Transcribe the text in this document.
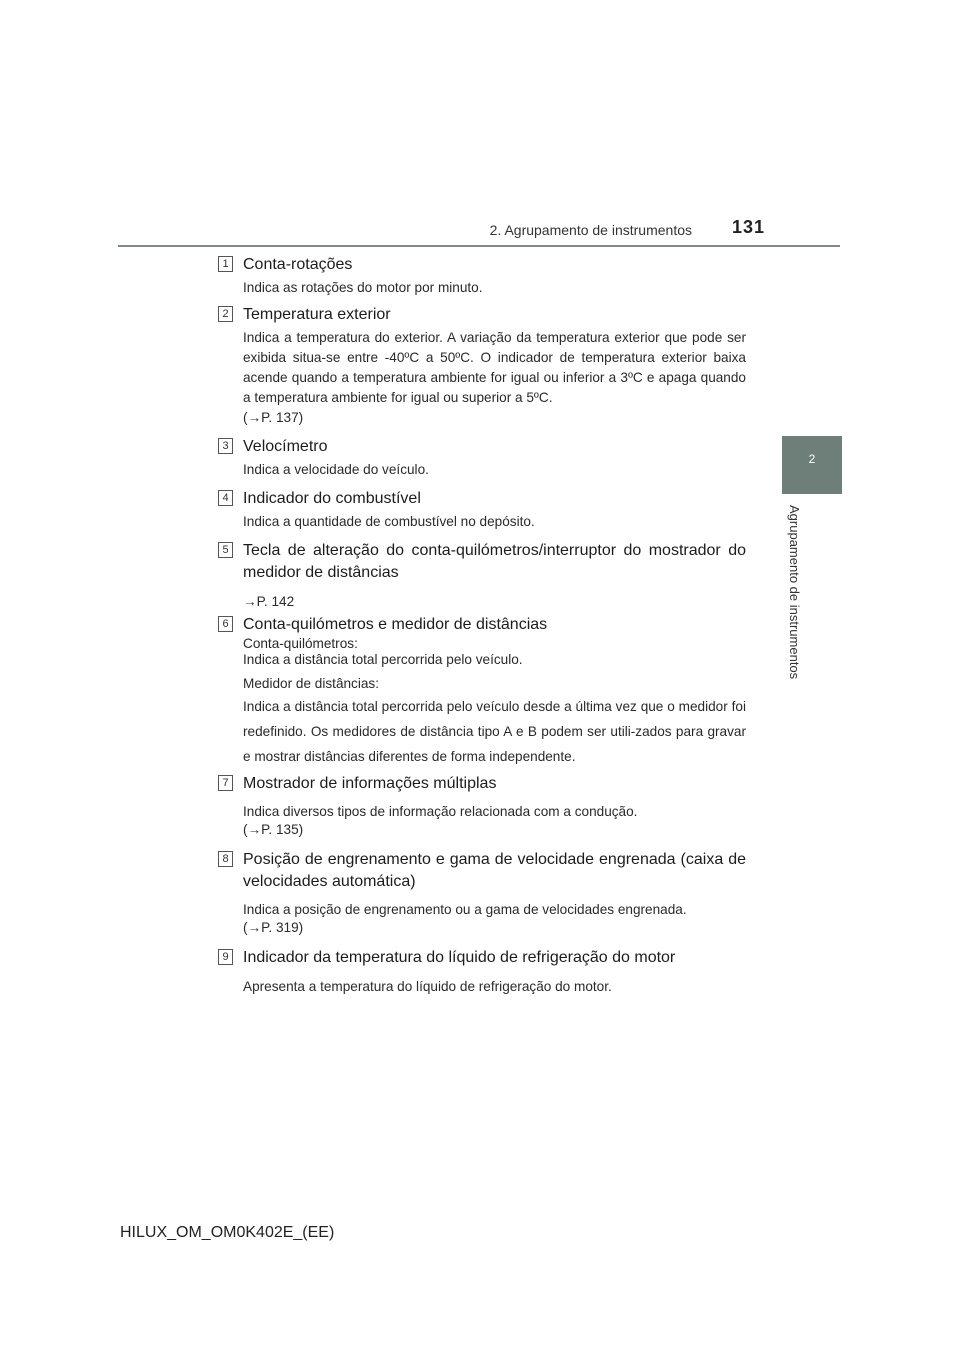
2. Agrupamento de instrumentos 131
2
Agrupamento de instrumentos
1 Conta-rotações
Indica as rotações do motor por minuto.
2 Temperatura exterior
Indica a temperatura do exterior. A variação da temperatura exterior que pode ser exibida situa-se entre -40ºC a 50ºC. O indicador de temperatura exterior baixa acende quando a temperatura ambiente for igual ou inferior a 3ºC e apaga quando a temperatura ambiente for igual ou superior a 5ºC.
(→P. 137)
3 Velocímetro
Indica a velocidade do veículo.
4 Indicador do combustível
Indica a quantidade de combustível no depósito.
5 Tecla de alteração do conta-quilómetros/interruptor do mostrador do medidor de distâncias
→P. 142
6 Conta-quilómetros e medidor de distâncias
Conta-quilómetros:
Indica a distância total percorrida pelo veículo.
Medidor de distâncias:
Indica a distância total percorrida pelo veículo desde a última vez que o medidor foi redefinido. Os medidores de distância tipo A e B podem ser utili-zados para gravar e mostrar distâncias diferentes de forma independente.
7 Mostrador de informações múltiplas
Indica diversos tipos de informação relacionada com a condução.
(→P. 135)
8 Posição de engrenamento e gama de velocidade engrenada (caixa de velocidades automática)
Indica a posição de engrenamento ou a gama de velocidades engrenada.
(→P. 319)
9 Indicador da temperatura do líquido de refrigeração do motor
Apresenta a temperatura do líquido de refrigeração do motor.
HILUX_OM_OM0K402E_(EE)
